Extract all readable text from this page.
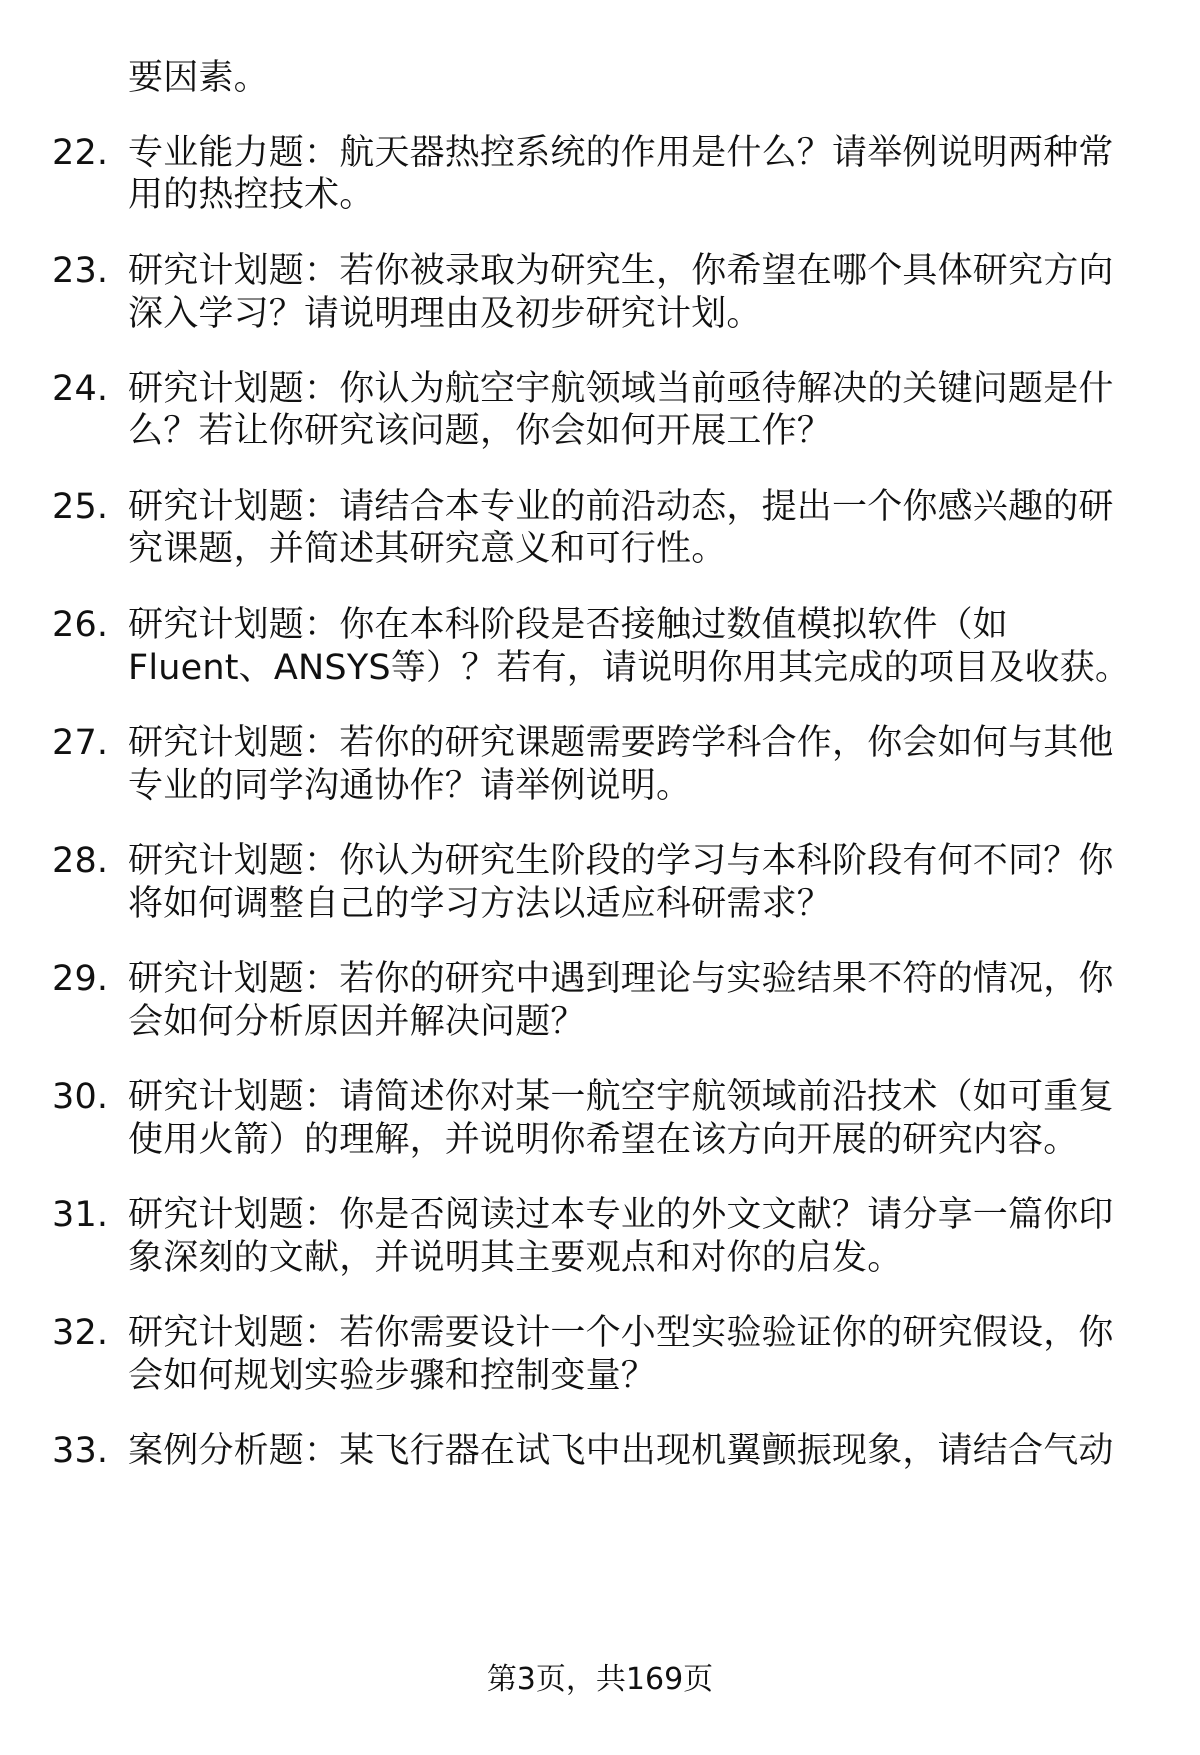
要因素。
22. 专业能力题：航天器热控系统的作用是什么？请举例说明两种常
用的热控技术。
23. 研究计划题：若你被录取为研究生，你希望在哪个具体研究方向
深入学习？请说明理由及初步研究计划。
24. 研究计划题：你认为航空宇航领域当前亟待解决的关键问题是什
么？若让你研究该问题，你会如何开展工作？
25. 研究计划题：请结合本专业的前沿动态，提出一个你感兴趣的研
究课题，并简述其研究意义和可行性。
26. 研究计划题：你在本科阶段是否接触过数值模拟软件（如
Fluent、ANSYS等）？若有，请说明你用其完成的项目及收获。
27. 研究计划题：若你的研究课题需要跨学科合作，你会如何与其他
专业的同学沟通协作？请举例说明。
28. 研究计划题：你认为研究生阶段的学习与本科阶段有何不同？你
将如何调整自己的学习方法以适应科研需求？
29. 研究计划题：若你的研究中遇到理论与实验结果不符的情况，你
会如何分析原因并解决问题？
30. 研究计划题：请简述你对某一航空宇航领域前沿技术（如可重复
使用火箭）的理解，并说明你希望在该方向开展的研究内容。
31. 研究计划题：你是否阅读过本专业的外文文献？请分享一篇你印
象深刻的文献，并说明其主要观点和对你的启发。
32. 研究计划题：若你需要设计一个小型实验验证你的研究假设，你
会如何规划实验步骤和控制变量？
33. 案例分析题：某飞行器在试飞中出现机翼颤振现象，请结合气动
第3页，共169页
